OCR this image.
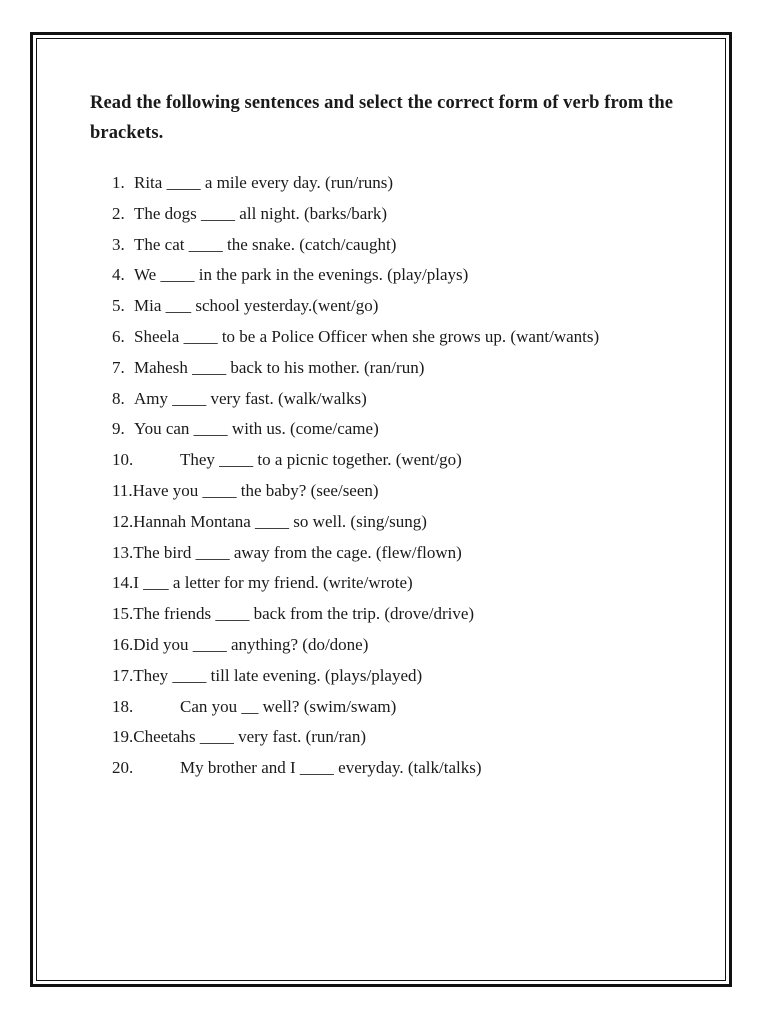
Read the following sentences and select the correct form of verb from the brackets.
1. Rita ____ a mile every day. (run/runs)
2. The dogs ____ all night. (barks/bark)
3. The cat ____ the snake. (catch/caught)
4. We ____ in the park in the evenings. (play/plays)
5. Mia ___ school yesterday.(went/go)
6. Sheela ____ to be a Police Officer when she grows up. (want/wants)
7. Mahesh ____ back to his mother. (ran/run)
8. Amy ____ very fast. (walk/walks)
9. You can ____ with us. (come/came)
10.	They ____ to a picnic together. (went/go)
11. Have you ____ the baby? (see/seen)
12. Hannah Montana ____ so well. (sing/sung)
13. The bird ____ away from the cage. (flew/flown)
14. I ___ a letter for my friend. (write/wrote)
15. The friends ____ back from the trip. (drove/drive)
16. Did you ____ anything? (do/done)
17. They ____ till late evening. (plays/played)
18.	Can you __ well? (swim/swam)
19. Cheetahs ____ very fast. (run/ran)
20.	My brother and I ____ everyday. (talk/talks)
